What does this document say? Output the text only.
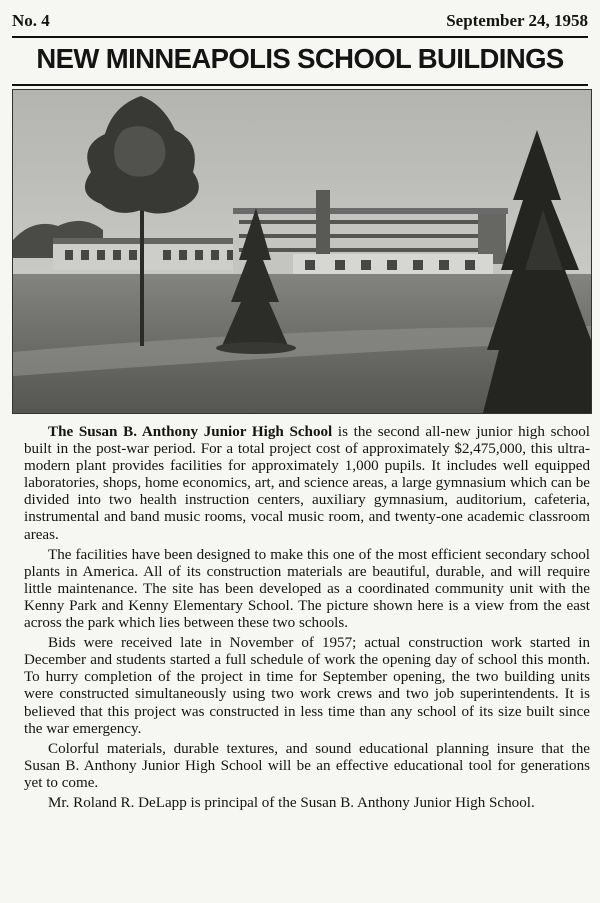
No. 4	September 24, 1958
NEW MINNEAPOLIS SCHOOL BUILDINGS

The Susan B. Anthony Junior High School is the second all-new junior high school built in the post-war period. For a total project cost of approximately $2,475,000, this ultra-modern plant provides facilities for approximately 1,000 pupils. It includes well equipped laboratories, shops, home economics, art, and science areas, a large gymnasium which can be divided into two health instruction centers, auxiliary gymnasium, auditorium, cafeteria, instrumental and band music rooms, vocal music room, and twenty-one academic classroom areas.

The facilities have been designed to make this one of the most efficient secondary school plants in America. All of its construction materials are beautiful, durable, and will require little maintenance. The site has been developed as a coordinated community unit with the Kenny Park and Kenny Elementary School. The picture shown here is a view from the east across the park which lies between these two schools.

Bids were received late in November of 1957; actual construction work started in December and students started a full schedule of work the opening day of school this month. To hurry completion of the project in time for September opening, the two building units were constructed simultaneously using two work crews and two job superintendents. It is believed that this project was constructed in less time than any school of its size built since the war emergency.

Colorful materials, durable textures, and sound educational planning insure that the Susan B. Anthony Junior High School will be an effective educational tool for generations yet to come.

Mr. Roland R. DeLapp is principal of the Susan B. Anthony Junior High School.
